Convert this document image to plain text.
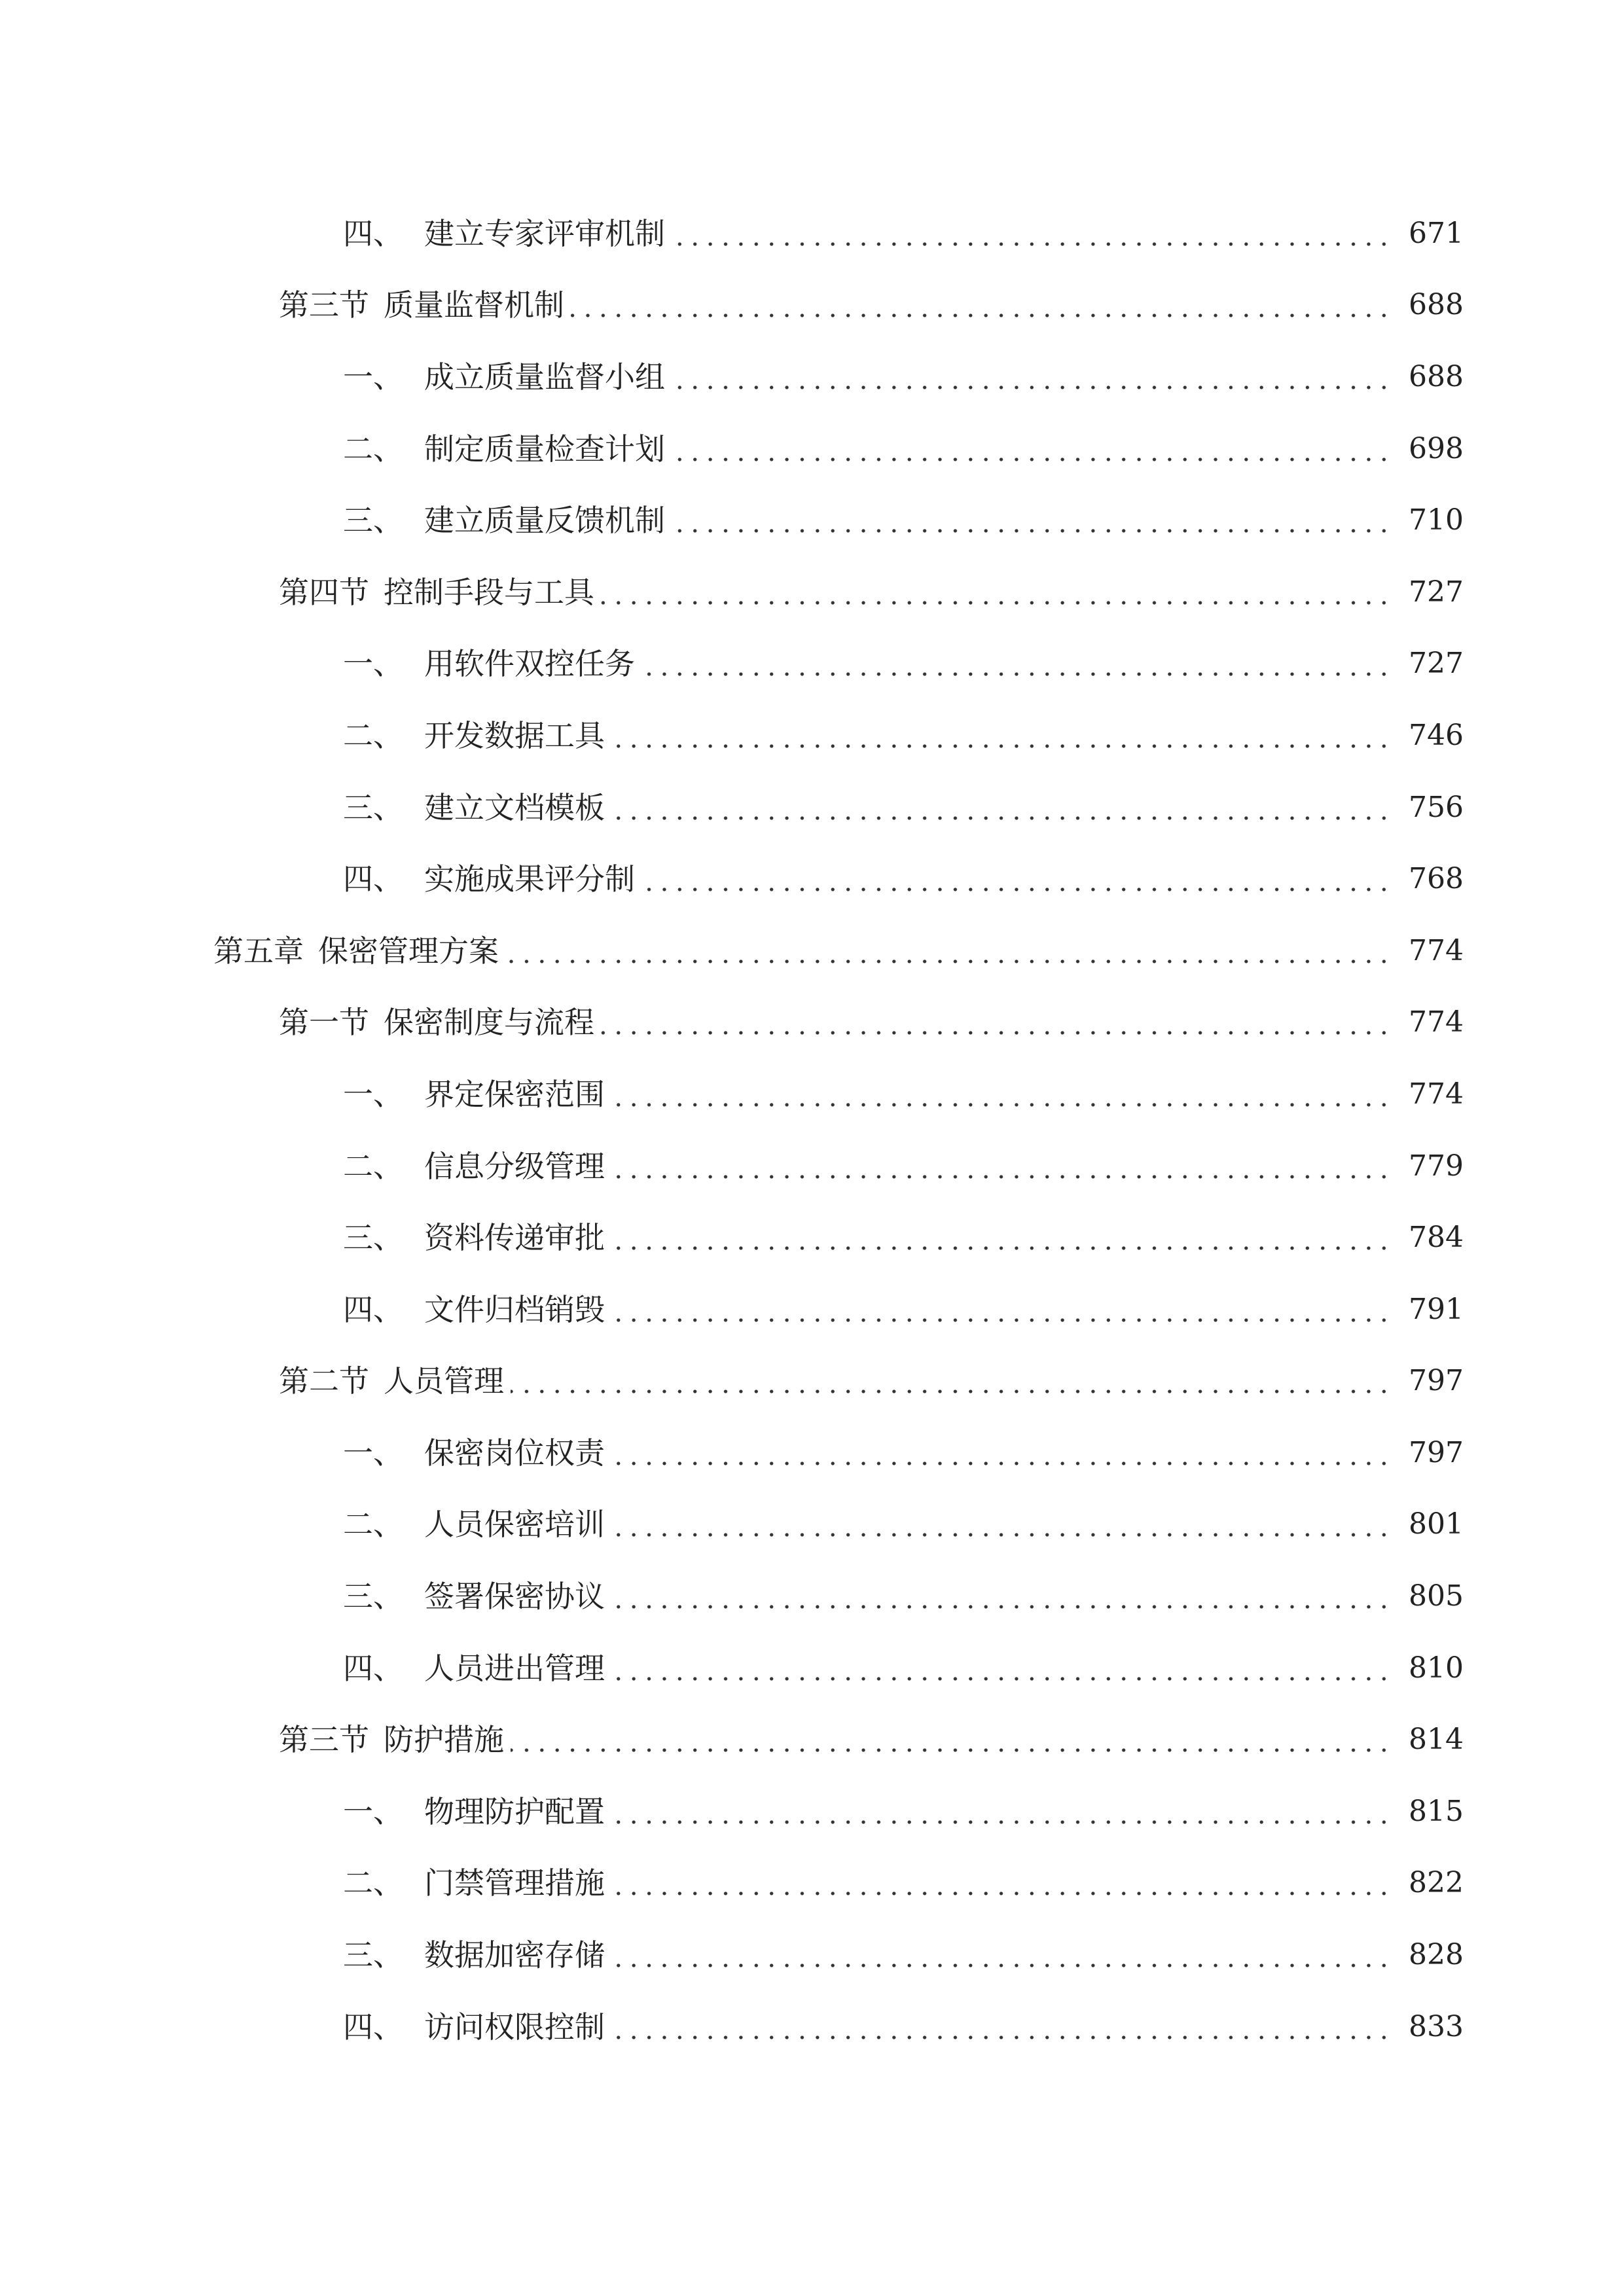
四、 建立专家评审机制	671
第三节 质量监督机制	688
一、 成立质量监督小组	688
二、 制定质量检查计划	698
三、 建立质量反馈机制	710
第四节 控制手段与工具	727
一、 用软件双控任务	727
二、 开发数据工具	746
三、 建立文档模板	756
四、 实施成果评分制	768
第五章 保密管理方案	774
第一节 保密制度与流程	774
一、 界定保密范围	774
二、 信息分级管理	779
三、 资料传递审批	784
四、 文件归档销毁	791
第二节 人员管理	797
一、 保密岗位权责	797
二、 人员保密培训	801
三、 签署保密协议	805
四、 人员进出管理	810
第三节 防护措施	814
一、 物理防护配置	815
二、 门禁管理措施	822
三、 数据加密存储	828
四、 访问权限控制	833
